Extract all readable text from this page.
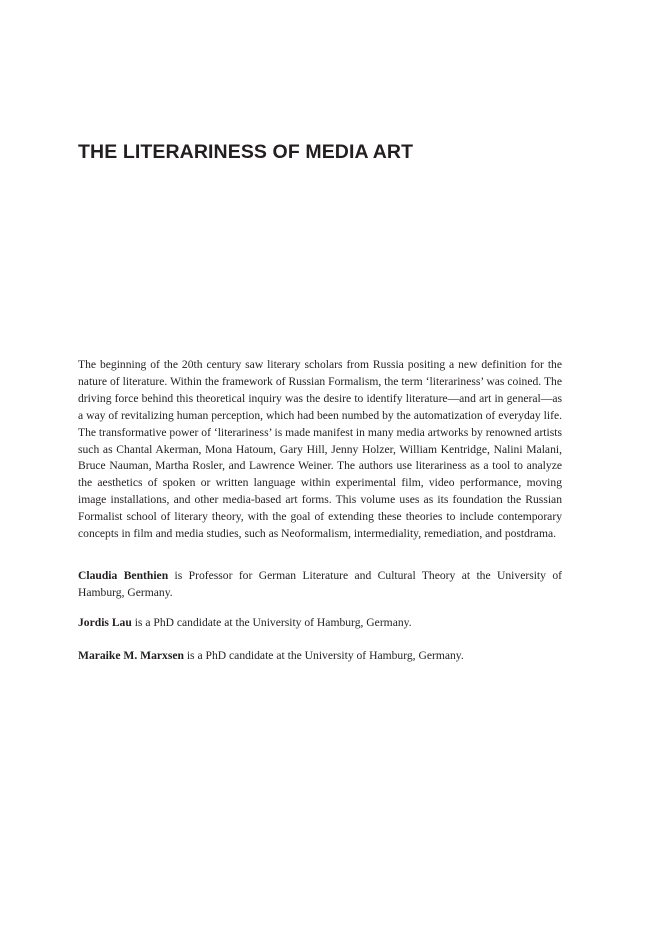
THE LITERARINESS OF MEDIA ART

The beginning of the 20th century saw literary scholars from Russia positing a new definition for the nature of literature. Within the framework of Russian Formalism, the term ‘literariness’ was coined. The driving force behind this theoretical inquiry was the desire to identify literature—and art in general—as a way of revitalizing human perception, which had been numbed by the automatization of everyday life. The transformative power of ‘literariness’ is made manifest in many media artworks by renowned artists such as Chantal Akerman, Mona Hatoum, Gary Hill, Jenny Holzer, William Kentridge, Nalini Malani, Bruce Nauman, Martha Rosler, and Lawrence Weiner. The authors use literariness as a tool to analyze the aesthetics of spoken or written language within experimental film, video performance, moving image installations, and other media-based art forms. This volume uses as its foundation the Russian Formalist school of literary theory, with the goal of extending these theories to include contemporary concepts in film and media studies, such as Neoformalism, intermediality, remediation, and postdrama.

Claudia Benthien is Professor for German Literature and Cultural Theory at the University of Hamburg, Germany.

Jordis Lau is a PhD candidate at the University of Hamburg, Germany.

Maraike M. Marxsen is a PhD candidate at the University of Hamburg, Germany.
